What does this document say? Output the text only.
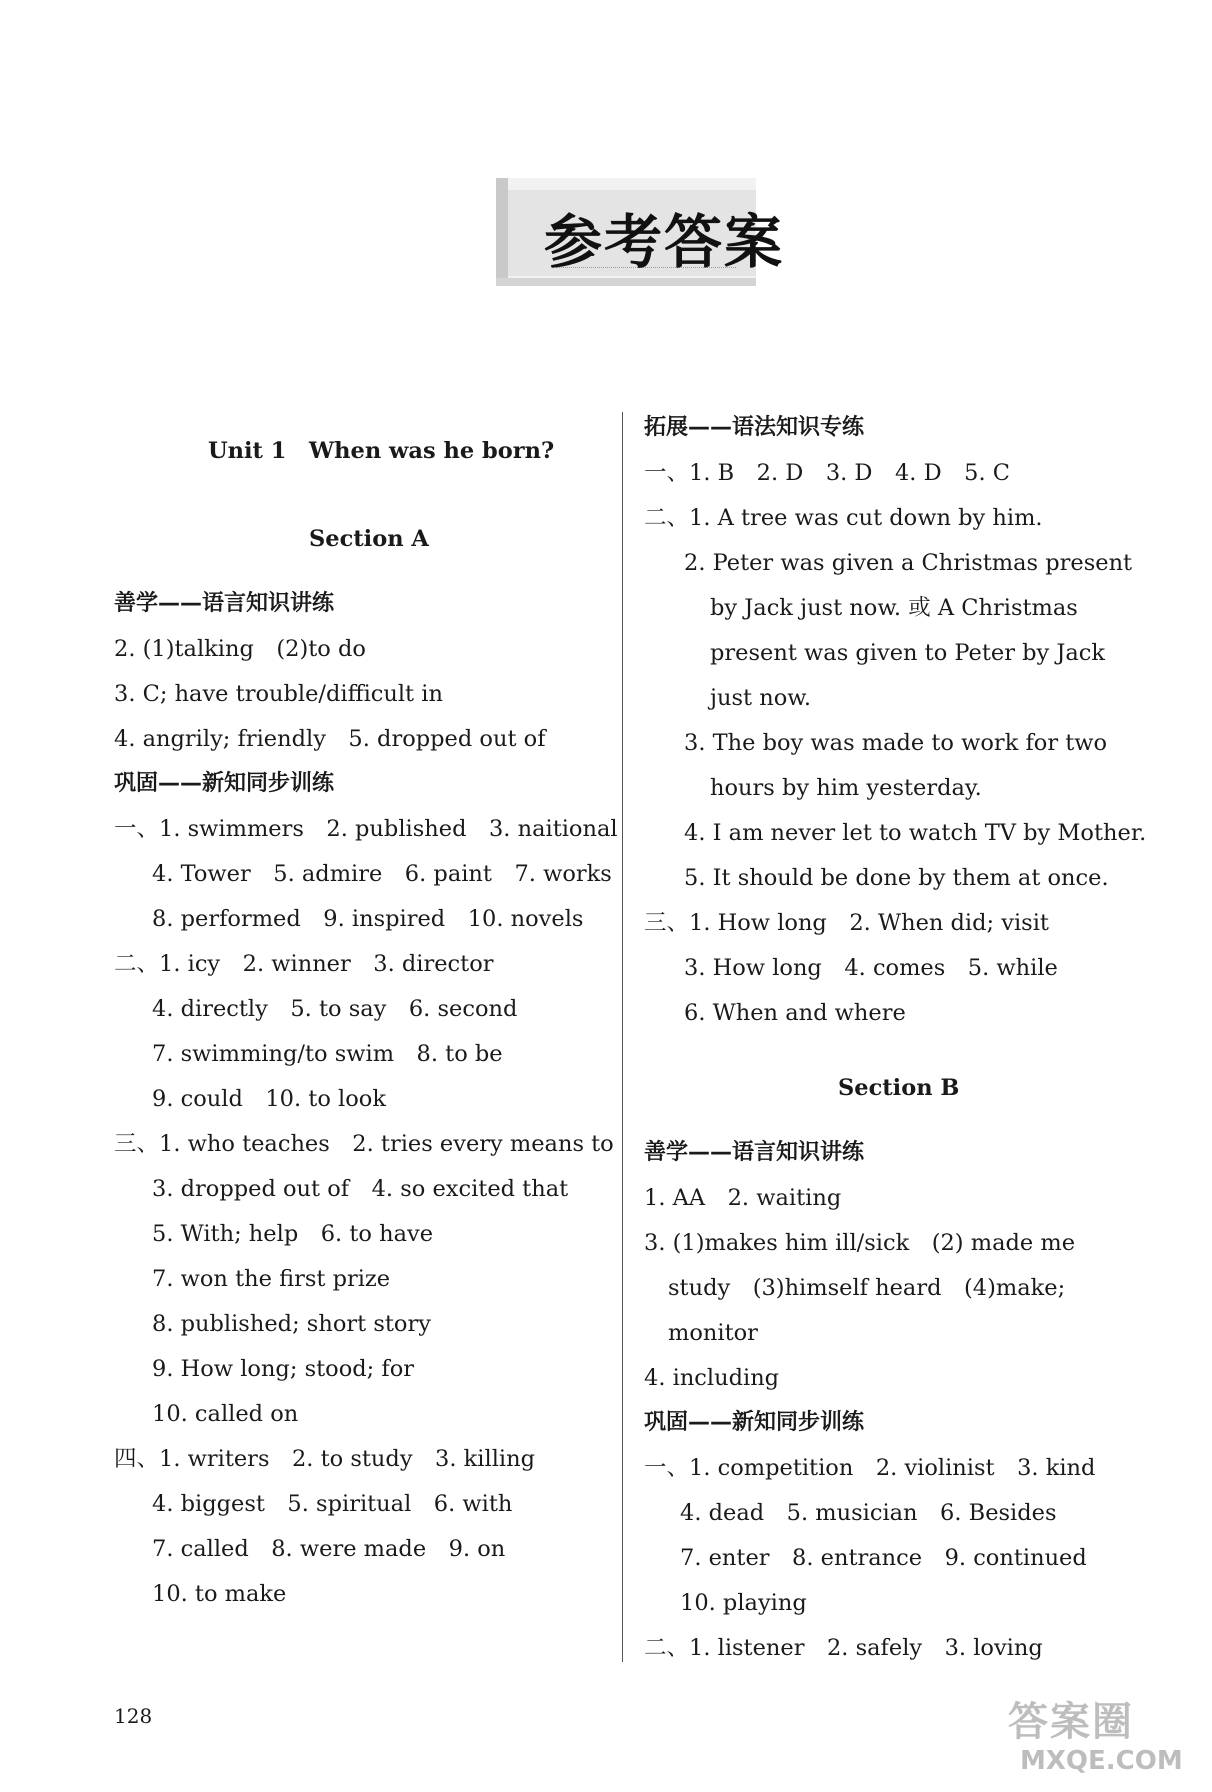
参考答案
Unit 1　When was he born?
Section A
善学——语言知识讲练
2. (1)talking　(2)to do
3. C; have trouble/difficult in
4. angrily; friendly　5. dropped out of
巩固——新知同步训练
一、1. swimmers　2. published　3. naitional
4. Tower　5. admire　6. paint　7. works
8. performed　9. inspired　10. novels
二、1. icy　2. winner　3. director
4. directly　5. to say　6. second
7. swimming/to swim　8. to be
9. could　10. to look
三、1. who teaches　2. tries every means to
3. dropped out of　4. so excited that
5. With; help　6. to have
7. won the first prize
8. published; short story
9. How long; stood; for
10. called on
四、1. writers　2. to study　3. killing
4. biggest　5. spiritual　6. with
7. called　8. were made　9. on
10. to make
拓展——语法知识专练
一、1. B　2. D　3. D　4. D　5. C
二、1. A tree was cut down by him.
2. Peter was given a Christmas present
by Jack just now. 或 A Christmas
present was given to Peter by Jack
just now.
3. The boy was made to work for two
hours by him yesterday.
4. I am never let to watch TV by Mother.
5. It should be done by them at once.
三、1. How long　2. When did; visit
3. How long　4. comes　5. while
6. When and where
Section B
善学——语言知识讲练
1. AA　2. waiting
3. (1)makes him ill/sick　(2) made me
study　(3)himself heard　(4)make;
monitor
4. including
巩固——新知同步训练
一、1. competition　2. violinist　3. kind
4. dead　5. musician　6. Besides
7. enter　8. entrance　9. continued
10. playing
二、1. listener　2. safely　3. loving
128	答案圈
MXQE.COM
